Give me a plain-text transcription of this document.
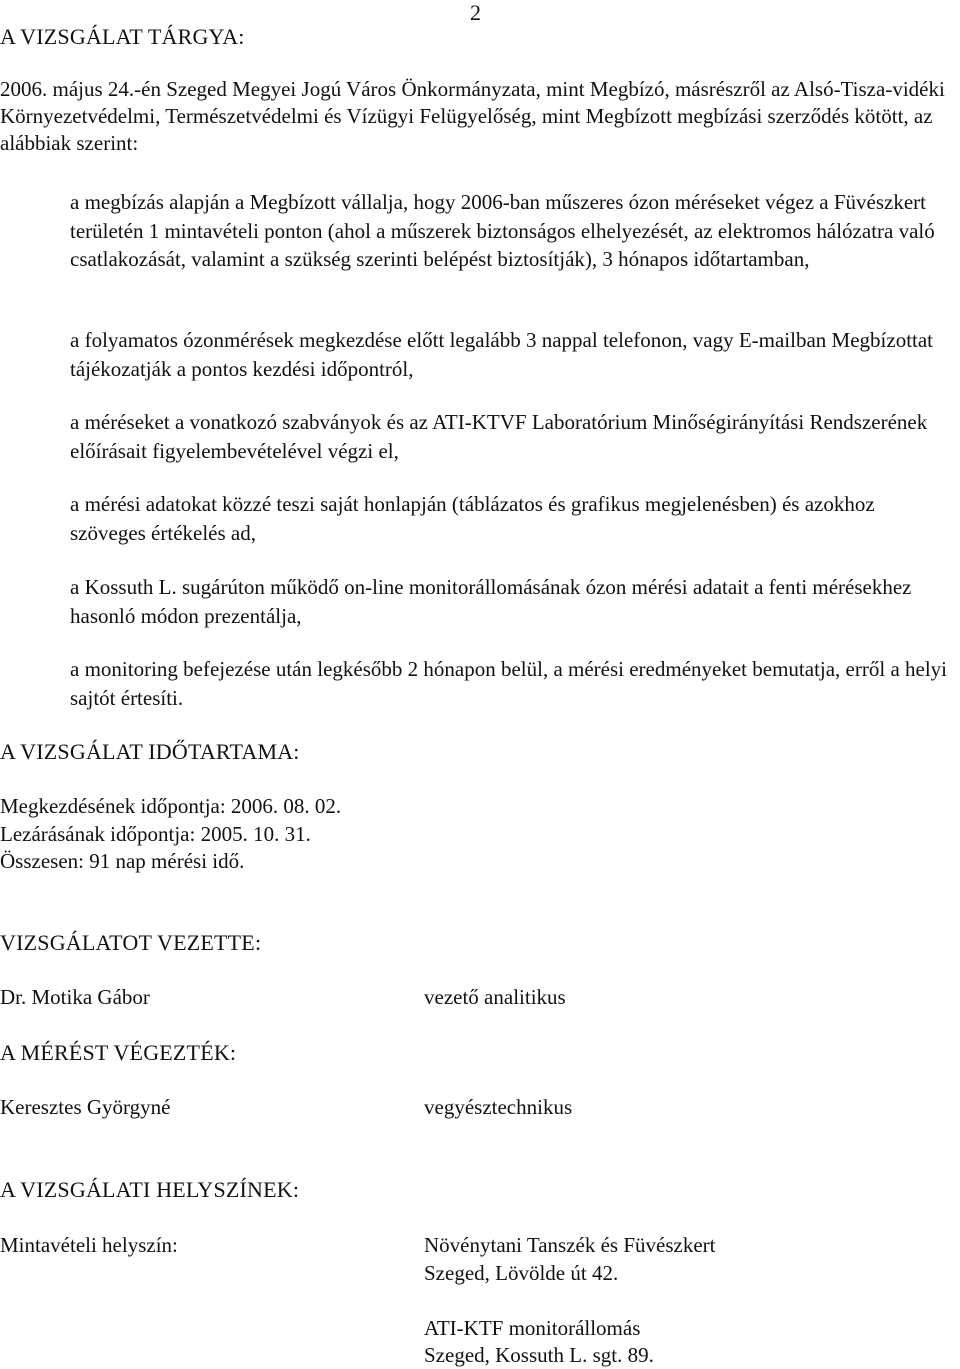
2
A VIZSGÁLAT TÁRGYA:

2006. május 24.-én Szeged Megyei Jogú Város Önkormányzata, mint Megbízó, másrészről az Alsó-Tisza-vidéki Környezetvédelmi, Természetvédelmi és Vízügyi Felügyelőség, mint Megbízott megbízási szerződés kötött, az alábbiak szerint:

a megbízás alapján a Megbízott vállalja, hogy 2006-ban műszeres ózon méréseket végez a Füvészkert területén 1 mintavételi ponton (ahol a műszerek biztonságos elhelyezését, az elektromos hálózatra való csatlakozását, valamint a szükség szerinti belépést biztosítják), 3 hónapos időtartamban,

a folyamatos ózonmérések megkezdése előtt legalább 3 nappal telefonon, vagy E-mailban Megbízottat tájékozatják a pontos kezdési időpontról,

a méréseket a vonatkozó szabványok és az ATI-KTVF Laboratórium Minőségirányítási Rendszerének előírásait figyelembevételével végzi el,

a mérési adatokat közzé teszi saját honlapján (táblázatos és grafikus megjelenésben) és azokhoz szöveges értékelés ad,

a Kossuth L. sugárúton működő on-line monitorállomásának ózon mérési adatait a fenti mérésekhez hasonló módon prezentálja,

a monitoring befejezése után legkésőbb 2 hónapon belül, a mérési eredményeket bemutatja, erről a helyi sajtót értesíti.

A VIZSGÁLAT IDŐTARTAMA:
Megkezdésének időpontja: 2006. 08. 02.
Lezárásának időpontja: 2005. 10. 31.
Összesen: 91 nap mérési idő.
VIZSGÁLATOT VEZETTE:
Dr. Motika Gábor	vezető analitikus
A MÉRÉST VÉGEZTÉK:
Keresztes Györgyné	vegyésztechnikus
A VIZSGÁLATI HELYSZÍNEK:
Mintavételi helyszín:	Növénytani Tanszék és Füvészkert
Szeged, Lövölde út 42.
ATI-KTF monitorállomás
Szeged, Kossuth L. sgt. 89.
